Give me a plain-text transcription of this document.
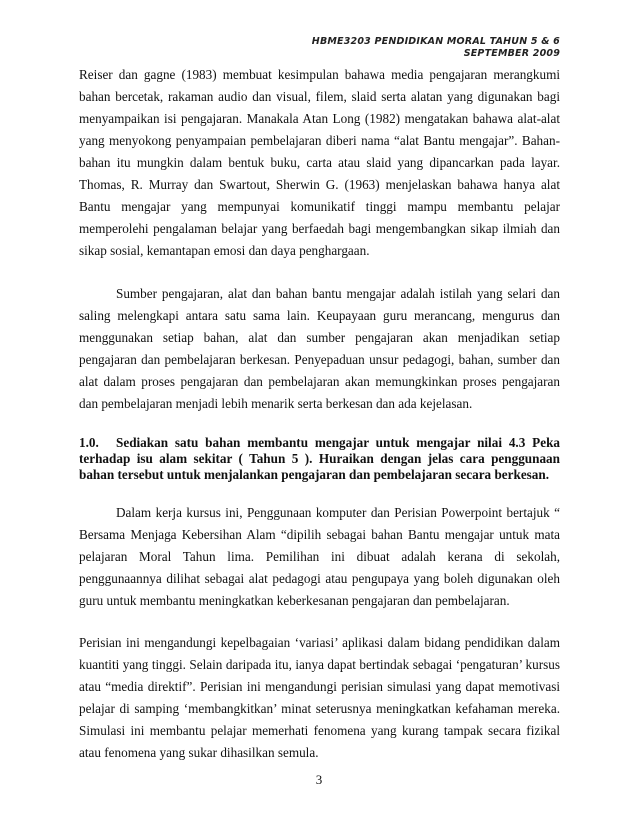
HBME3203 PENDIDIKAN MORAL TAHUN 5 & 6
SEPTEMBER 2009

Reiser dan gagne (1983) membuat kesimpulan bahawa media pengajaran merangkumi bahan bercetak, rakaman audio dan visual, filem, slaid serta alatan yang digunakan bagi menyampaikan isi pengajaran. Manakala Atan Long (1982) mengatakan bahawa alat-alat yang menyokong penyampaian pembelajaran diberi nama “alat Bantu mengajar”. Bahan-bahan itu mungkin dalam bentuk buku, carta atau slaid yang dipancarkan pada layar. Thomas, R. Murray dan Swartout, Sherwin G. (1963) menjelaskan bahawa hanya alat Bantu mengajar yang mempunyai komunikatif tinggi mampu membantu pelajar memperolehi pengalaman belajar yang berfaedah bagi mengembangkan sikap ilmiah dan sikap sosial, kemantapan emosi dan daya penghargaan.

Sumber pengajaran, alat dan bahan bantu mengajar adalah istilah yang selari dan saling melengkapi antara satu sama lain. Keupayaan guru merancang, mengurus dan menggunakan setiap bahan, alat dan sumber pengajaran akan menjadikan setiap pengajaran dan pembelajaran berkesan. Penyepaduan unsur pedagogi, bahan, sumber dan alat dalam proses pengajaran dan pembelajaran akan memungkinkan proses pengajaran dan pembelajaran menjadi lebih menarik serta berkesan dan ada kejelasan.

1.0. Sediakan satu bahan membantu mengajar untuk mengajar nilai 4.3 Peka terhadap isu alam sekitar ( Tahun 5 ). Huraikan dengan jelas cara penggunaan bahan tersebut untuk menjalankan pengajaran dan pembelajaran secara berkesan.

Dalam kerja kursus ini, Penggunaan komputer dan Perisian Powerpoint bertajuk “ Bersama Menjaga Kebersihan Alam “dipilih sebagai bahan Bantu mengajar untuk mata pelajaran Moral Tahun lima. Pemilihan ini dibuat adalah kerana di sekolah, penggunaannya dilihat sebagai alat pedagogi atau pengupaya yang boleh digunakan oleh guru untuk membantu meningkatkan keberkesanan pengajaran dan pembelajaran.

Perisian ini mengandungi kepelbagaian ‘variasi’ aplikasi dalam bidang pendidikan dalam kuantiti yang tinggi. Selain daripada itu, ianya dapat bertindak sebagai ‘pengaturan’ kursus atau “media direktif”. Perisian ini mengandungi perisian simulasi yang dapat memotivasi pelajar di samping ‘membangkitkan’ minat seterusnya meningkatkan kefahaman mereka. Simulasi ini membantu pelajar memerhati fenomena yang kurang tampak secara fizikal atau fenomena yang sukar dihasilkan semula.

3
